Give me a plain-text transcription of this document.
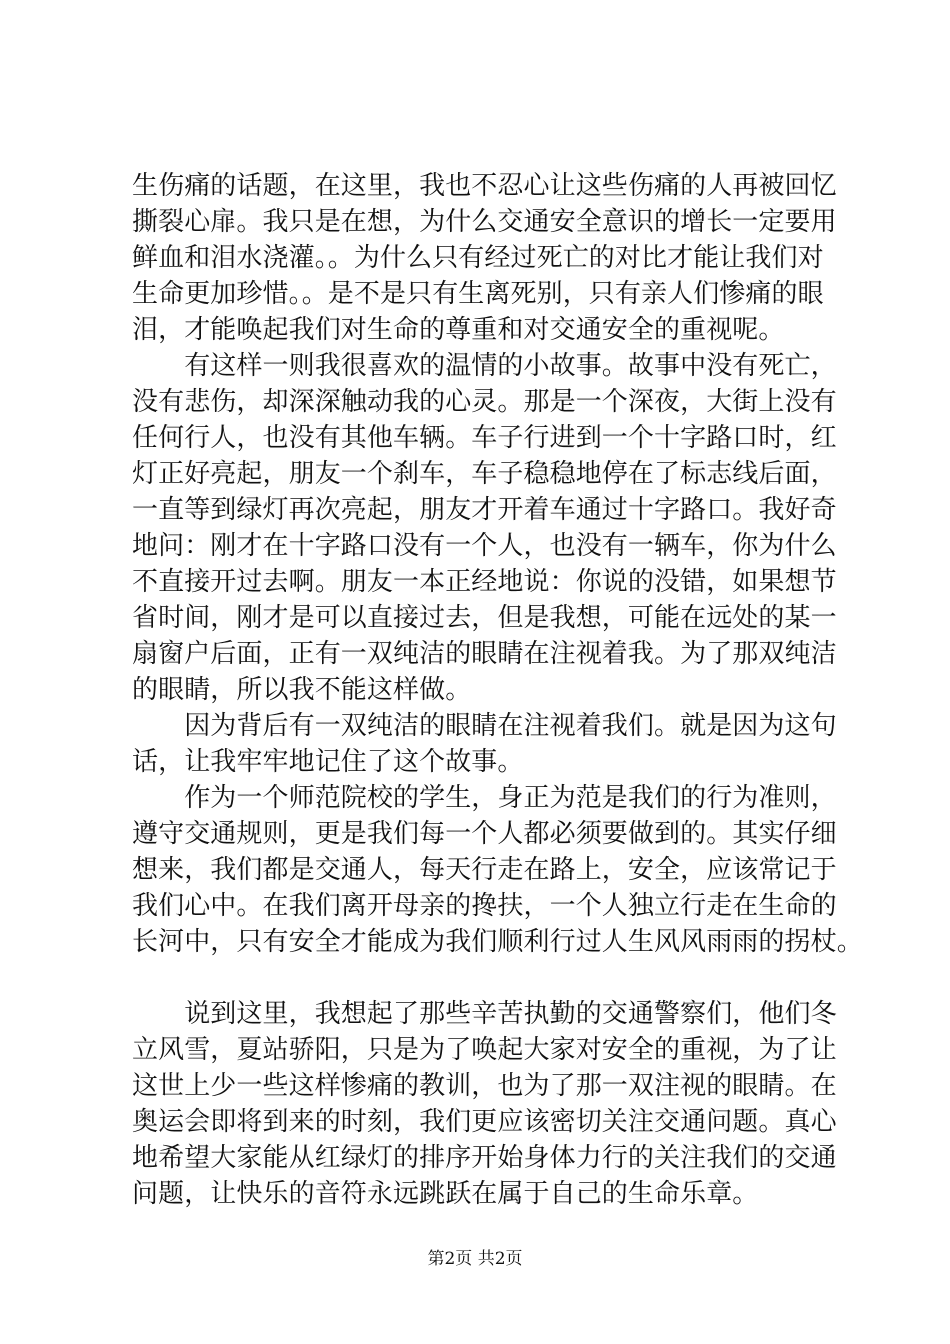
生伤痛的话题，在这里，我也不忍心让这些伤痛的人再被回忆
撕裂心扉。我只是在想，为什么交通安全意识的增长一定要用
鲜血和泪水浇灌。。为什么只有经过死亡的对比才能让我们对
生命更加珍惜。。是不是只有生离死别，只有亲人们惨痛的眼
泪，才能唤起我们对生命的尊重和对交通安全的重视呢。
　　有这样一则我很喜欢的温情的小故事。故事中没有死亡，
没有悲伤，却深深触动我的心灵。那是一个深夜，大街上没有
任何行人，也没有其他车辆。车子行进到一个十字路口时，红
灯正好亮起，朋友一个刹车，车子稳稳地停在了标志线后面，
一直等到绿灯再次亮起，朋友才开着车通过十字路口。我好奇
地问：刚才在十字路口没有一个人，也没有一辆车，你为什么
不直接开过去啊。朋友一本正经地说：你说的没错，如果想节
省时间，刚才是可以直接过去，但是我想，可能在远处的某一
扇窗户后面，正有一双纯洁的眼睛在注视着我。为了那双纯洁
的眼睛，所以我不能这样做。
　　因为背后有一双纯洁的眼睛在注视着我们。就是因为这句
话，让我牢牢地记住了这个故事。
　　作为一个师范院校的学生，身正为范是我们的行为准则，
遵守交通规则，更是我们每一个人都必须要做到的。其实仔细
想来，我们都是交通人，每天行走在路上，安全，应该常记于
我们心中。在我们离开母亲的搀扶，一个人独立行走在生命的
长河中，只有安全才能成为我们顺利行过人生风风雨雨的拐杖。
　　说到这里，我想起了那些辛苦执勤的交通警察们，他们冬
立风雪，夏站骄阳，只是为了唤起大家对安全的重视，为了让
这世上少一些这样惨痛的教训，也为了那一双注视的眼睛。在
奥运会即将到来的时刻，我们更应该密切关注交通问题。真心
地希望大家能从红绿灯的排序开始身体力行的关注我们的交通
问题，让快乐的音符永远跳跃在属于自己的生命乐章。
第2页 共2页
